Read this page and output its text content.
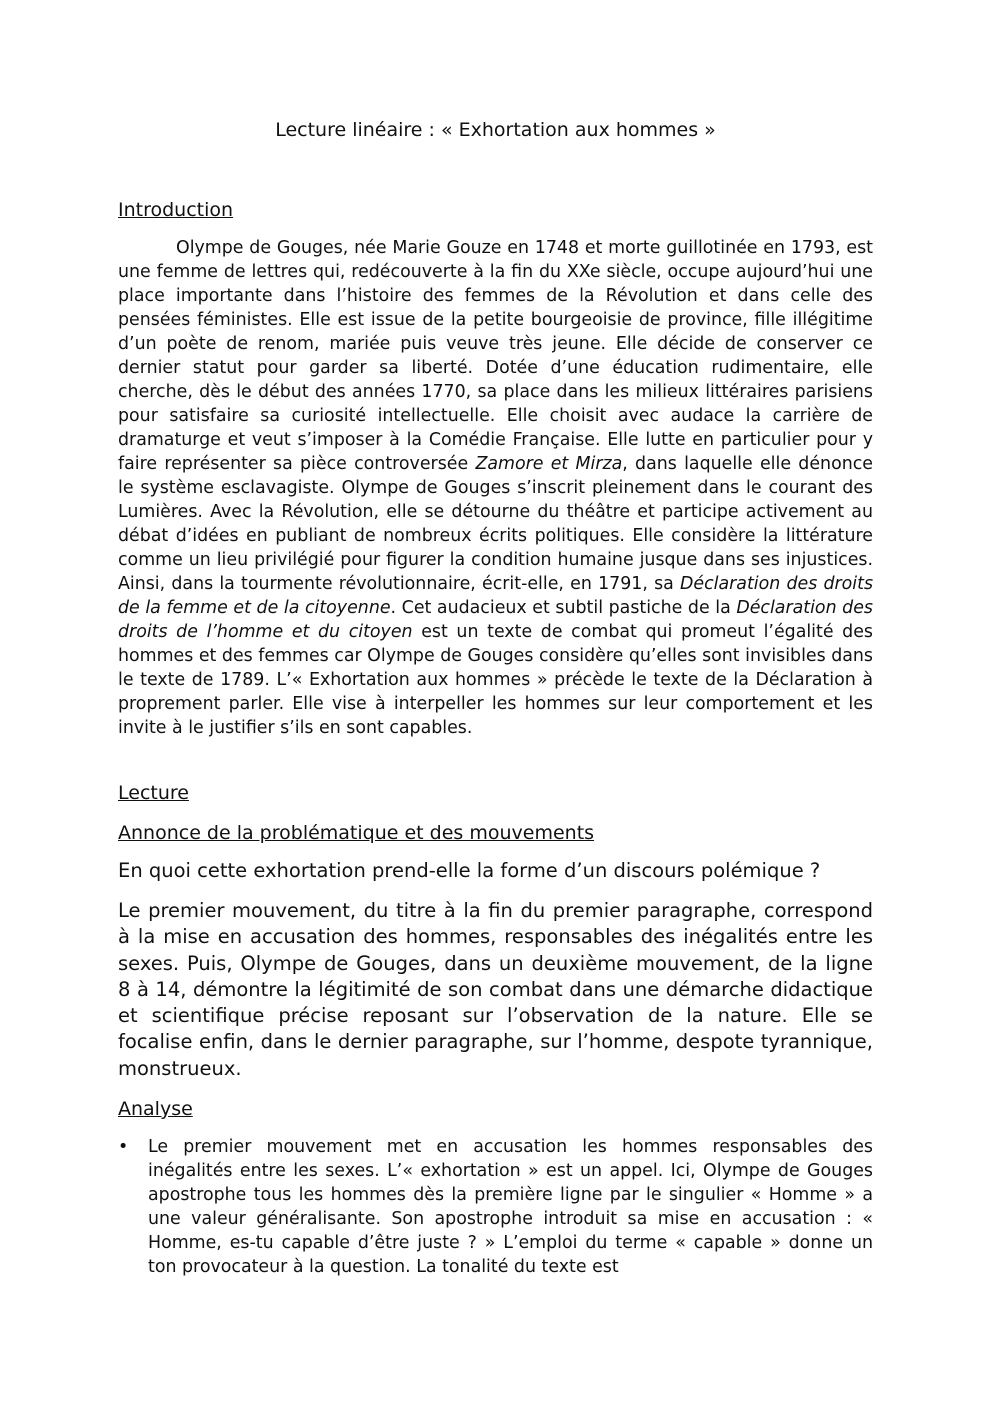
Lecture linéaire : « Exhortation aux hommes »
Introduction

Olympe de Gouges, née Marie Gouze en 1748 et morte guillotinée en 1793, est une femme de lettres qui, redécouverte à la fin du XXe siècle, occupe aujourd’hui une place importante dans l’histoire des femmes de la Révolution et dans celle des pensées féministes. Elle est issue de la petite bourgeoisie de province, fille illégitime d’un poète de renom, mariée puis veuve très jeune. Elle décide de conserver ce dernier statut pour garder sa liberté. Dotée d’une éducation rudimentaire, elle cherche, dès le début des années 1770, sa place dans les milieux littéraires parisiens pour satisfaire sa curiosité intellectuelle. Elle choisit avec audace la carrière de dramaturge et veut s’imposer à la Comédie Française. Elle lutte en particulier pour y faire représenter sa pièce controversée Zamore et Mirza, dans laquelle elle dénonce le système esclavagiste. Olympe de Gouges s’inscrit pleinement dans le courant des Lumières. Avec la Révolution, elle se détourne du théâtre et participe activement au débat d’idées en publiant de nombreux écrits politiques. Elle considère la littérature comme un lieu privilégié pour figurer la condition humaine jusque dans ses injustices. Ainsi, dans la tourmente révolutionnaire, écrit-elle, en 1791, sa Déclaration des droits de la femme et de la citoyenne. Cet audacieux et subtil pastiche de la Déclaration des droits de l’homme et du citoyen est un texte de combat qui promeut l’égalité des hommes et des femmes car Olympe de Gouges considère qu’elles sont invisibles dans le texte de 1789. L’« Exhortation aux hommes » précède le texte de la Déclaration à proprement parler. Elle vise à interpeller les hommes sur leur comportement et les invite à le justifier s’ils en sont capables.

Lecture
Annonce de la problématique et des mouvements

En quoi cette exhortation prend-elle la forme d’un discours polémique ?

Le premier mouvement, du titre à la fin du premier paragraphe, correspond à la mise en accusation des hommes, responsables des inégalités entre les sexes. Puis, Olympe de Gouges, dans un deuxième mouvement, de la ligne 8 à 14, démontre la légitimité de son combat dans une démarche didactique et scientifique précise reposant sur l’observation de la nature. Elle se focalise enfin, dans le dernier paragraphe, sur l’homme, despote tyrannique, monstrueux.

Analyse
• Le premier mouvement met en accusation les hommes responsables des inégalités entre les sexes. L’« exhortation » est un appel. Ici, Olympe de Gouges apostrophe tous les hommes dès la première ligne par le singulier « Homme » a une valeur généralisante. Son apostrophe introduit sa mise en accusation : « Homme, es-tu capable d’être juste ? » L’emploi du terme « capable » donne un ton provocateur à la question. La tonalité du texte est
